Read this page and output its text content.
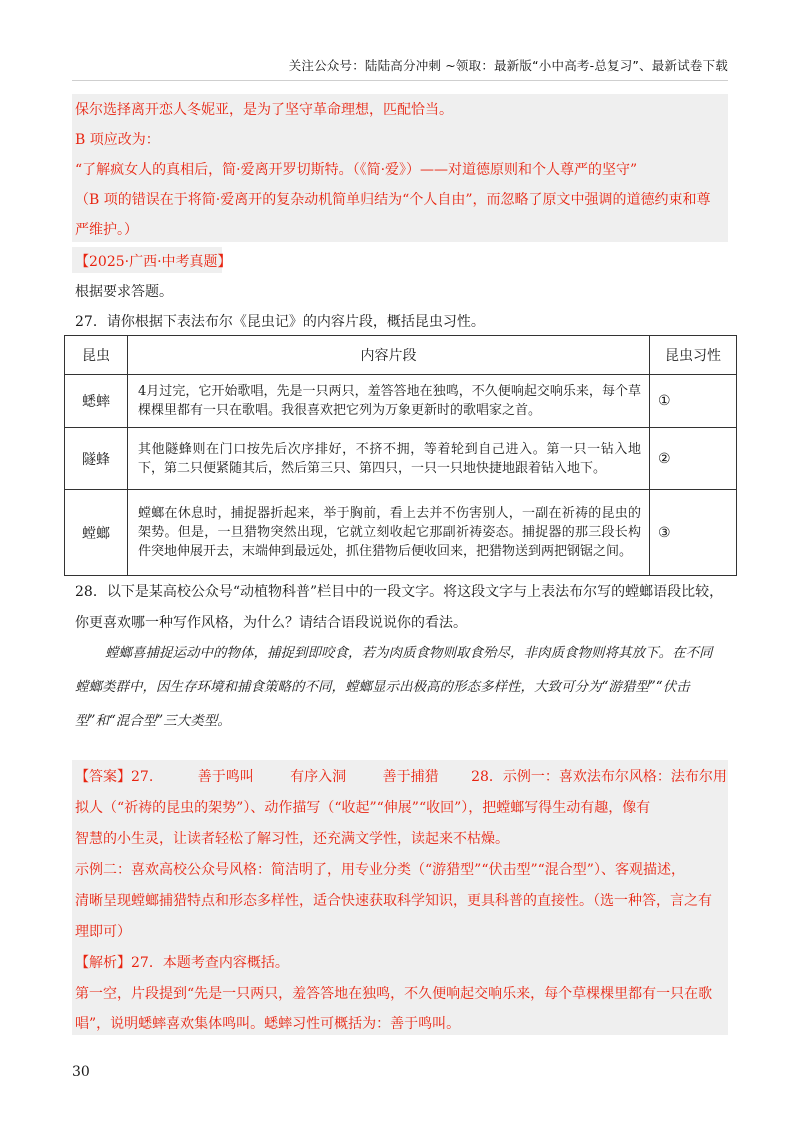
关注公众号：陆陆高分冲刺 ~领取：最新版“小中高考-总复习”、最新试卷下载
保尔选择离开恋人冬妮亚，是为了坚守革命理想，匹配恰当。
B 项应改为：
“了解疯女人的真相后，简·爱离开罗切斯特。（《简·爱》）——对道德原则和个人尊严的坚守”
（B 项的错误在于将简·爱离开的复杂动机简单归结为“个人自由”，而忽略了原文中强调的道德约束和尊
严维护。）
【2025·广西·中考真题】
根据要求答题。
27．请你根据下表法布尔《昆虫记》的内容片段，概括昆虫习性。
昆虫	内容片段	昆虫习性
蟋蟀	4月过完，它开始歌唱，先是一只两只，羞答答地在独鸣，不久便响起交响乐来，每个草棵棵里都有一只在歌唱。我很喜欢把它列为万象更新时的歌唱家之首。	①
隧蜂	其他隧蜂则在门口按先后次序排好，不挤不拥，等着轮到自己进入。第一只一钻入地下，第二只便紧随其后，然后第三只、第四只，一只一只地快捷地跟着钻入地下。	②
螳螂	螳螂在休息时，捕捉器折起来，举于胸前，看上去并不伤害别人，一副在祈祷的昆虫的架势。但是，一旦猎物突然出现，它就立刻收起它那副祈祷姿态。捕捉器的那三段长构件突地伸展开去，末端伸到最远处，抓住猎物后便收回来，把猎物送到两把钢锯之间。	③
28．以下是某高校公众号“动植物科普”栏目中的一段文字。将这段文字与上表法布尔写的螳螂语段比较，
你更喜欢哪一种写作风格，为什么？请结合语段说说你的看法。
螳螂喜捕捉运动中的物体，捕捉到即咬食，若为肉质食物则取食殆尽，非肉质食物则将其放下。在不同螳螂类群中，因生存环境和捕食策略的不同，螳螂显示出极高的形态多样性，大致可分为“游猎型”“伏击型”和“混合型”三大类型。
【答案】27.	善于鸣叫	有序入洞	善于捕猎 28．示例一：喜欢法布尔风格：法布尔用
拟人（“祈祷的昆虫的架势”）、动作描写（“收起”“伸展”“收回”），把螳螂写得生动有趣，像有
智慧的小生灵，让读者轻松了解习性，还充满文学性，读起来不枯燥。
示例二：喜欢高校公众号风格：简洁明了，用专业分类（“游猎型”“伏击型”“混合型”）、客观描述，
清晰呈现螳螂捕猎特点和形态多样性，适合快速获取科学知识，更具科普的直接性。（选一种答，言之有
理即可）
【解析】27．本题考查内容概括。
第一空，片段提到“先是一只两只，羞答答地在独鸣，不久便响起交响乐来，每个草棵棵里都有一只在歌
唱”，说明蟋蟀喜欢集体鸣叫。蟋蟀习性可概括为：善于鸣叫。
30
